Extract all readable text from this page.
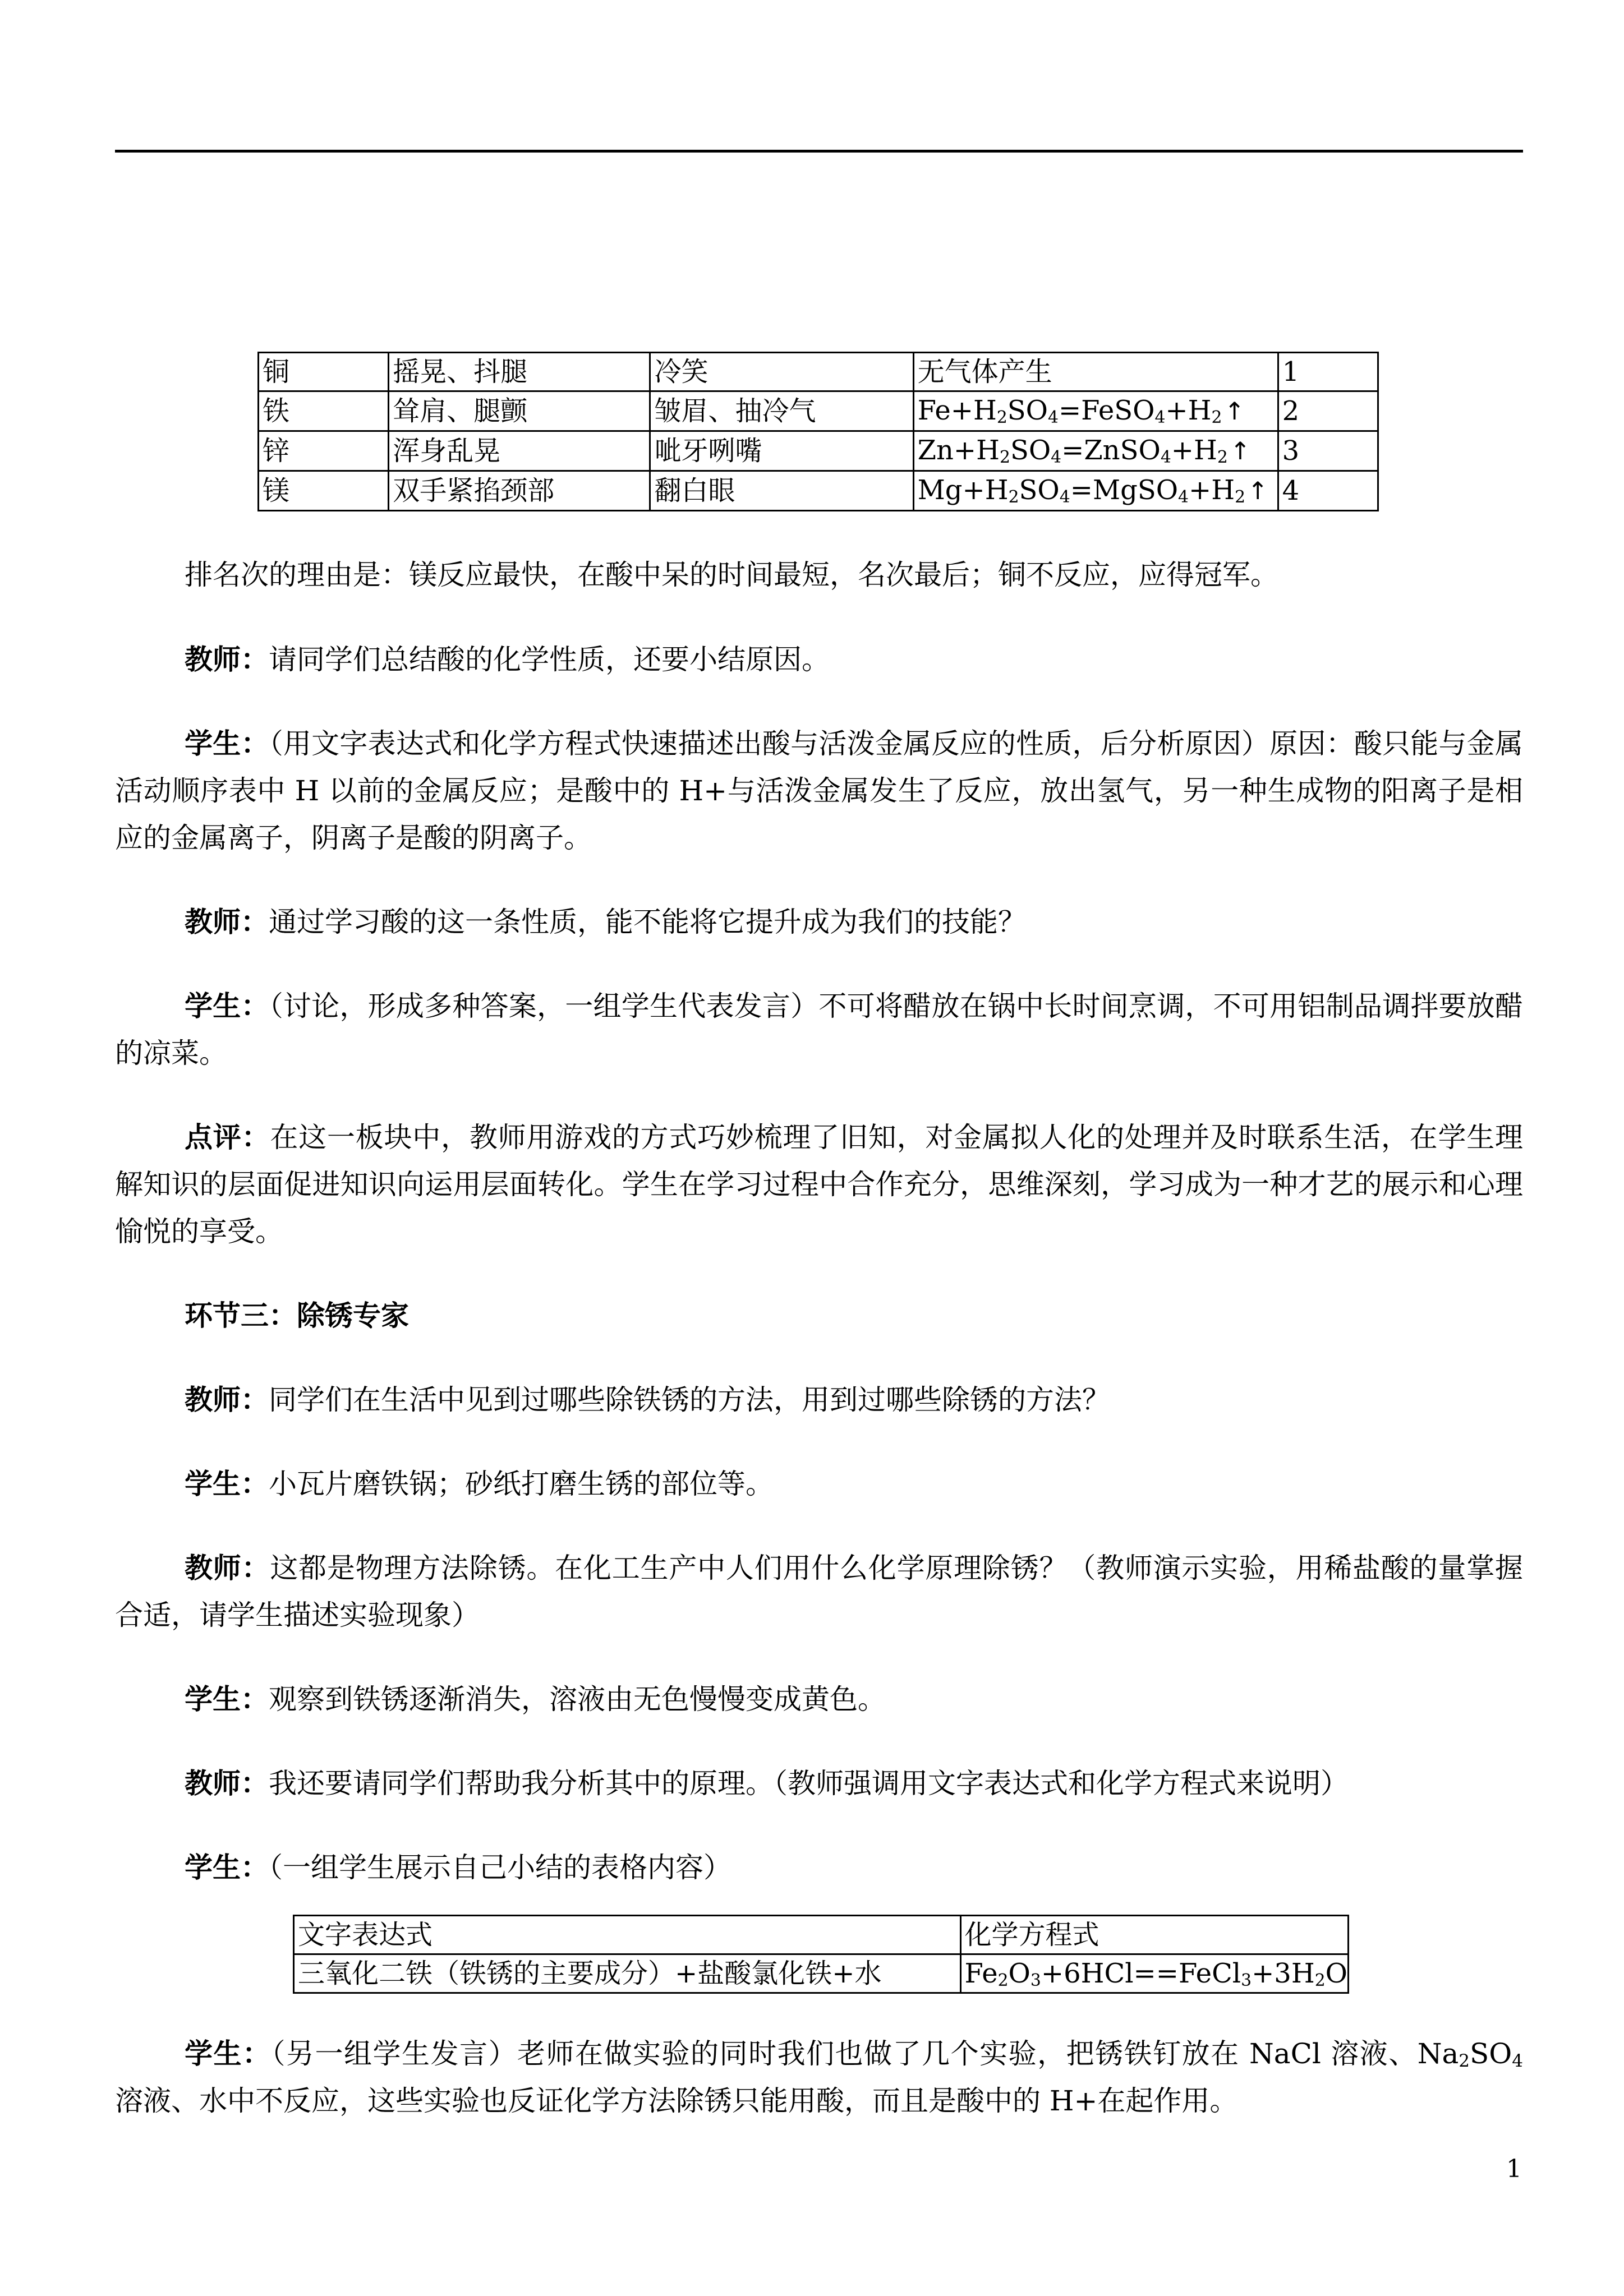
铜	摇晃、抖腿	冷笑	无气体产生	1
铁	耸肩、腿颤	皱眉、抽冷气	$Fe+H_2SO_4=FeSO_4+H_2↑$	2
锌	浑身乱晃	呲牙咧嘴	$Zn+H_2SO_4=ZnSO_4+H_2↑$	3
镁	双手紧掐颈部	翻白眼	$Mg+H_2SO_4=MgSO_4+H_2↑$	4

排名次的理由是：镁反应最快，在酸中呆的时间最短，名次最后；铜不反应，应得冠军。

教师：请同学们总结酸的化学性质，还要小结原因。

学生：（用文字表达式和化学方程式快速描述出酸与活泼金属反应的性质，后分析原因）原因：酸只能与金属活动顺序表中 H 以前的金属反应；是酸中的 H+与活泼金属发生了反应，放出氢气，另一种生成物的阳离子是相应的金属离子，阴离子是酸的阴离子。

教师：通过学习酸的这一条性质，能不能将它提升成为我们的技能？

学生：（讨论，形成多种答案，一组学生代表发言）不可将醋放在锅中长时间烹调，不可用铝制品调拌要放醋的凉菜。

点评：在这一板块中，教师用游戏的方式巧妙梳理了旧知，对金属拟人化的处理并及时联系生活，在学生理解知识的层面促进知识向运用层面转化。学生在学习过程中合作充分，思维深刻，学习成为一种才艺的展示和心理愉悦的享受。

环节三：除锈专家

教师：同学们在生活中见到过哪些除铁锈的方法，用到过哪些除锈的方法？

学生：小瓦片磨铁锅；砂纸打磨生锈的部位等。

教师：这都是物理方法除锈。在化工生产中人们用什么化学原理除锈？（教师演示实验，用稀盐酸的量掌握合适，请学生描述实验现象）

学生：观察到铁锈逐渐消失，溶液由无色慢慢变成黄色。

教师：我还要请同学们帮助我分析其中的原理。（教师强调用文字表达式和化学方程式来说明）

学生：（一组学生展示自己小结的表格内容）

文字表达式	化学方程式
三氧化二铁（铁锈的主要成分）+盐酸氯化铁+水	$Fe_2O_3+6HCl==FeCl_3+3H_2O$

学生：（另一组学生发言）老师在做实验的同时我们也做了几个实验，把锈铁钉放在 NaCl 溶液、$Na_2SO_4$ 溶液、水中不反应，这些实验也反证化学方法除锈只能用酸，而且是酸中的 H+在起作用。

1
